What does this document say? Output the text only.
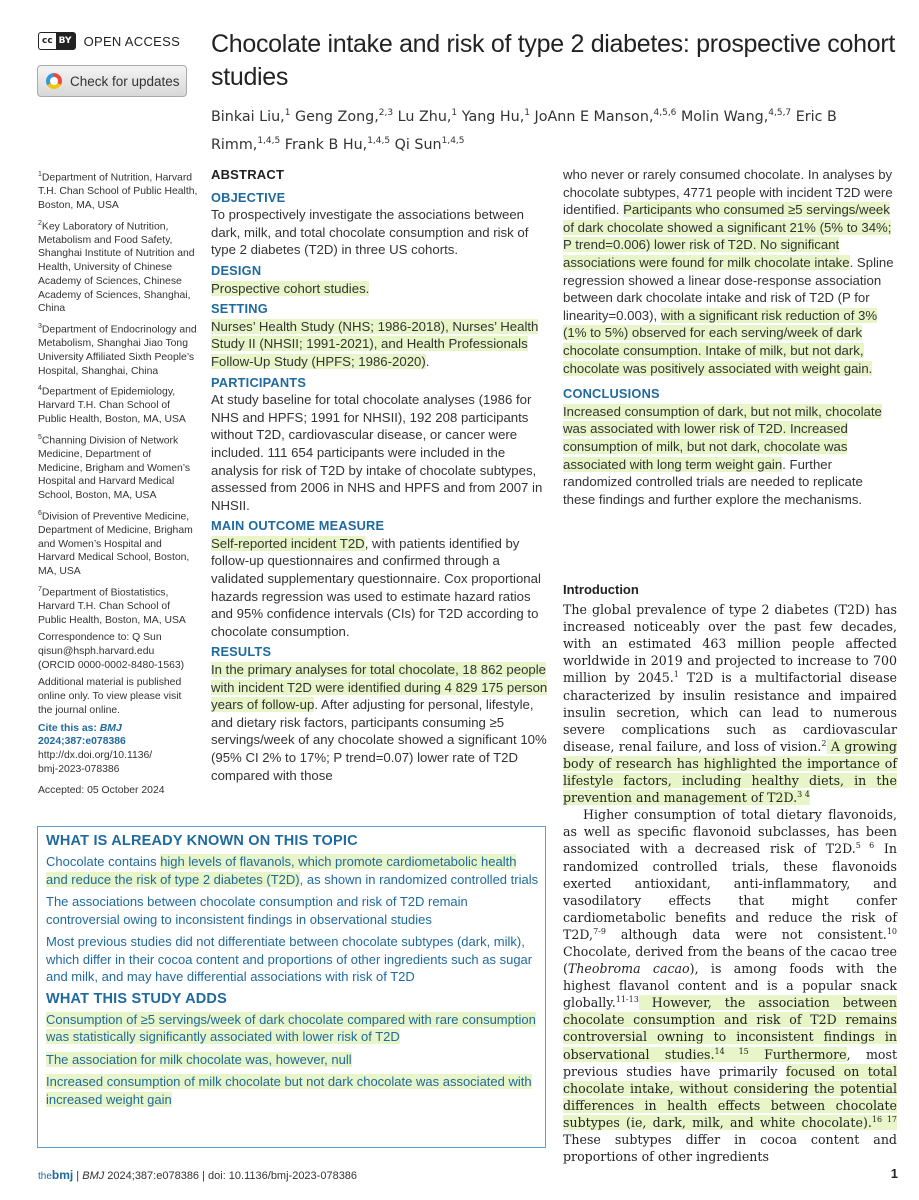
cc BY OPEN ACCESS
Check for updates
Chocolate intake and risk of type 2 diabetes: prospective cohort studies
Binkai Liu,$^1$ Geng Zong,$^{2,3}$ Lu Zhu,$^1$ Yang Hu,$^1$ JoAnn E Manson,$^{4,5,6}$ Molin Wang,$^{4,5,7}$ Eric B Rimm,$^{1,4,5}$ Frank B Hu,$^{1,4,5}$ Qi Sun$^{1,4,5}$

$^1$Department of Nutrition, Harvard T.H. Chan School of Public Health, Boston, MA, USA

$^2$Key Laboratory of Nutrition, Metabolism and Food Safety, Shanghai Institute of Nutrition and Health, University of Chinese Academy of Sciences, Chinese Academy of Sciences, Shanghai, China

$^3$Department of Endocrinology and Metabolism, Shanghai Jiao Tong University Affiliated Sixth People’s Hospital, Shanghai, China

$^4$Department of Epidemiology, Harvard T.H. Chan School of Public Health, Boston, MA, USA

$^5$Channing Division of Network Medicine, Department of Medicine, Brigham and Women’s Hospital and Harvard Medical School, Boston, MA, USA

$^6$Division of Preventive Medicine, Department of Medicine, Brigham and Women’s Hospital and Harvard Medical School, Boston, MA, USA

$^7$Department of Biostatistics, Harvard T.H. Chan School of Public Health, Boston, MA, USA

Correspondence to: Q Sun
qisun@hsph.harvard.edu
(ORCID 0000-0002-8480-1563)

Additional material is published online only. To view please visit the journal online.

Cite this as: BMJ 2024;387:e078386
http://dx.doi.org/10.1136/
bmj-2023-078386

Accepted: 05 October 2024

ABSTRACT
OBJECTIVE

To prospectively investigate the associations between dark, milk, and total chocolate consumption and risk of type 2 diabetes (T2D) in three US cohorts.

DESIGN

Prospective cohort studies.

SETTING

Nurses’ Health Study (NHS; 1986-2018), Nurses’ Health Study II (NHSII; 1991-2021), and Health Professionals Follow-Up Study (HPFS; 1986-2020).

PARTICIPANTS

At study baseline for total chocolate analyses (1986 for NHS and HPFS; 1991 for NHSII), 192 208 participants without T2D, cardiovascular disease, or cancer were included. 111 654 participants were included in the analysis for risk of T2D by intake of chocolate subtypes, assessed from 2006 in NHS and HPFS and from 2007 in NHSII.

MAIN OUTCOME MEASURE

Self-reported incident T2D, with patients identified by follow-up questionnaires and confirmed through a validated supplementary questionnaire. Cox proportional hazards regression was used to estimate hazard ratios and 95% confidence intervals (CIs) for T2D according to chocolate consumption.

RESULTS

In the primary analyses for total chocolate, 18 862 people with incident T2D were identified during 4 829 175 person years of follow-up. After adjusting for personal, lifestyle, and dietary risk factors, participants consuming ≥5 servings/week of any chocolate showed a significant 10% (95% CI 2% to 17%; P trend=0.07) lower rate of T2D compared with those

who never or rarely consumed chocolate. In analyses by chocolate subtypes, 4771 people with incident T2D were identified. Participants who consumed ≥5 servings/week of dark chocolate showed a significant 21% (5% to 34%; P trend=0.006) lower risk of T2D. No significant associations were found for milk chocolate intake. Spline regression showed a linear dose-response association between dark chocolate intake and risk of T2D (P for linearity=0.003), with a significant risk reduction of 3% (1% to 5%) observed for each serving/week of dark chocolate consumption. Intake of milk, but not dark, chocolate was positively associated with weight gain.

CONCLUSIONS

Increased consumption of dark, but not milk, chocolate was associated with lower risk of T2D. Increased consumption of milk, but not dark, chocolate was associated with long term weight gain. Further randomized controlled trials are needed to replicate these findings and further explore the mechanisms.

Introduction

The global prevalence of type 2 diabetes (T2D) has increased noticeably over the past few decades, with an estimated 463 million people affected worldwide in 2019 and projected to increase to 700 million by 2045.$^1$ T2D is a multifactorial disease characterized by insulin resistance and impaired insulin secretion, which can lead to numerous severe complications such as cardiovascular disease, renal failure, and loss of vision.$^2$ A growing body of research has highlighted the importance of lifestyle factors, including healthy diets, in the prevention and management of T2D.$^{3 4}$

Higher consumption of total dietary flavonoids, as well as specific flavonoid subclasses, has been associated with a decreased risk of T2D.$^{5 6}$ In randomized controlled trials, these flavonoids exerted antioxidant, anti-inflammatory, and vasodilatory effects that might confer cardiometabolic benefits and reduce the risk of T2D,$^{7-9}$ although data were not consistent.$^{10}$ Chocolate, derived from the beans of the cacao tree (Theobroma cacao), is among foods with the highest flavanol content and is a popular snack globally.$^{11-13}$ However, the association between chocolate consumption and risk of T2D remains controversial owning to inconsistent findings in observational studies.$^{14 15}$ Furthermore, most previous studies have primarily focused on total chocolate intake, without considering the potential differences in health effects between chocolate subtypes (ie, dark, milk, and white chocolate).$^{16 17}$ These subtypes differ in cocoa content and proportions of other ingredients

WHAT IS ALREADY KNOWN ON THIS TOPIC

Chocolate contains high levels of flavanols, which promote cardiometabolic health and reduce the risk of type 2 diabetes (T2D), as shown in randomized controlled trials

The associations between chocolate consumption and risk of T2D remain controversial owing to inconsistent findings in observational studies

Most previous studies did not differentiate between chocolate subtypes (dark, milk), which differ in their cocoa content and proportions of other ingredients such as sugar and milk, and may have differential associations with risk of T2D

WHAT THIS STUDY ADDS

Consumption of ≥5 servings/week of dark chocolate compared with rare consumption was statistically significantly associated with lower risk of T2D

The association for milk chocolate was, however, null

Increased consumption of milk chocolate but not dark chocolate was associated with increased weight gain

thebmj | BMJ 2024;387:e078386 | doi: 10.1136/bmj-2023-078386	1
